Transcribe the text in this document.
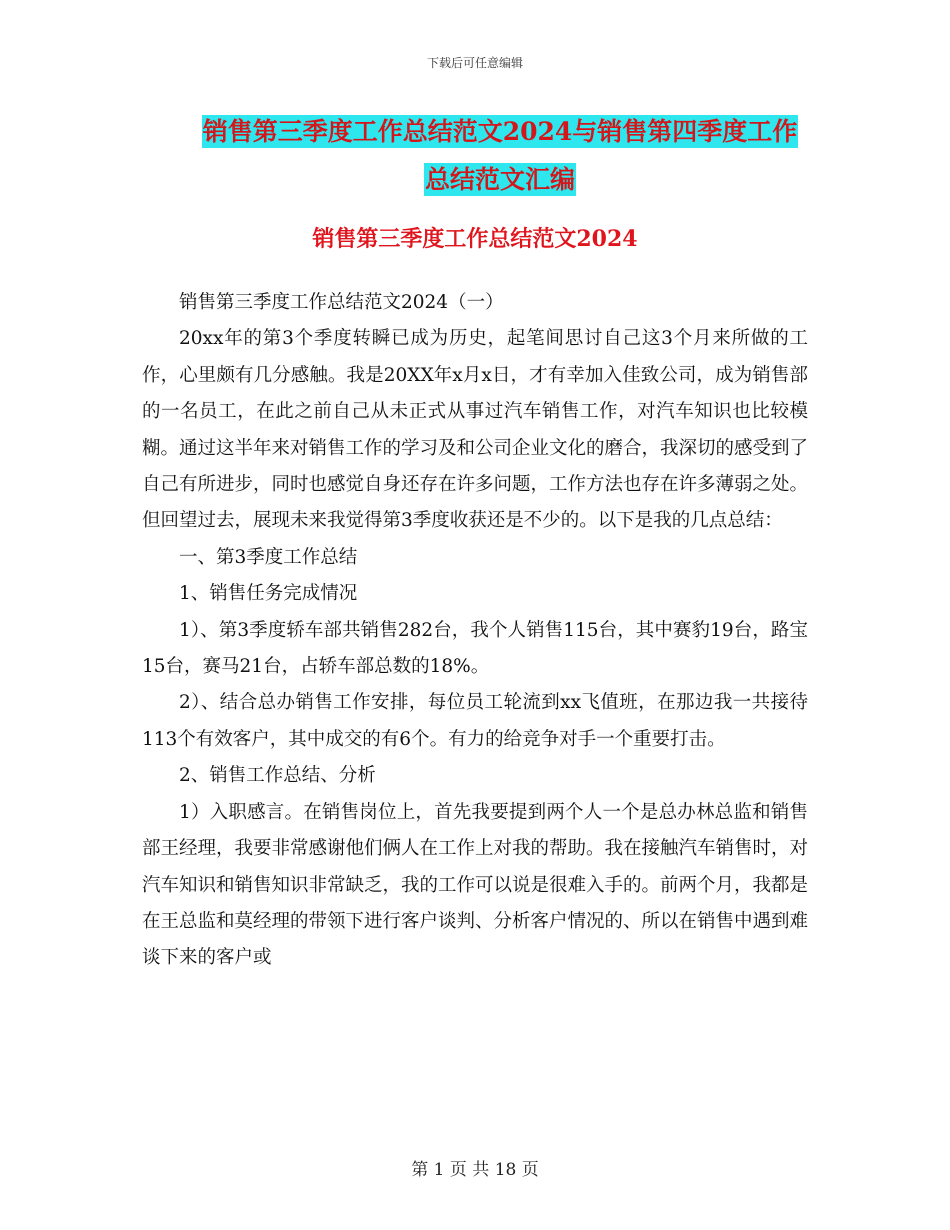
下载后可任意编辑
销售第三季度工作总结范文2024与销售第四季度工作
总结范文汇编
销售第三季度工作总结范文2024

销售第三季度工作总结范文2024（一）

20xx年的第3个季度转瞬已成为历史，起笔间思讨自己这3个月来所做的工作，心里颇有几分感触。我是20XX年x月x日，才有幸加入佳致公司，成为销售部的一名员工，在此之前自己从未正式从事过汽车销售工作，对汽车知识也比较模糊。通过这半年来对销售工作的学习及和公司企业文化的磨合，我深切的感受到了自己有所进步，同时也感觉自身还存在许多问题，工作方法也存在许多薄弱之处。但回望过去，展现未来我觉得第3季度收获还是不少的。以下是我的几点总结：

一、第3季度工作总结

1、销售任务完成情况

1）、第3季度轿车部共销售282台，我个人销售115台，其中赛豹19台，路宝15台，赛马21台，占轿车部总数的18%。

2）、结合总办销售工作安排，每位员工轮流到xx飞值班，在那边我一共接待113个有效客户，其中成交的有6个。有力的给竞争对手一个重要打击。

2、销售工作总结、分析

1）入职感言。在销售岗位上，首先我要提到两个人一个是总办林总监和销售部王经理，我要非常感谢他们俩人在工作上对我的帮助。我在接触汽车销售时，对汽车知识和销售知识非常缺乏，我的工作可以说是很难入手的。前两个月，我都是在王总监和莫经理的带领下进行客户谈判、分析客户情况的、所以在销售中遇到难谈下来的客户或

第 1 页 共 18 页
